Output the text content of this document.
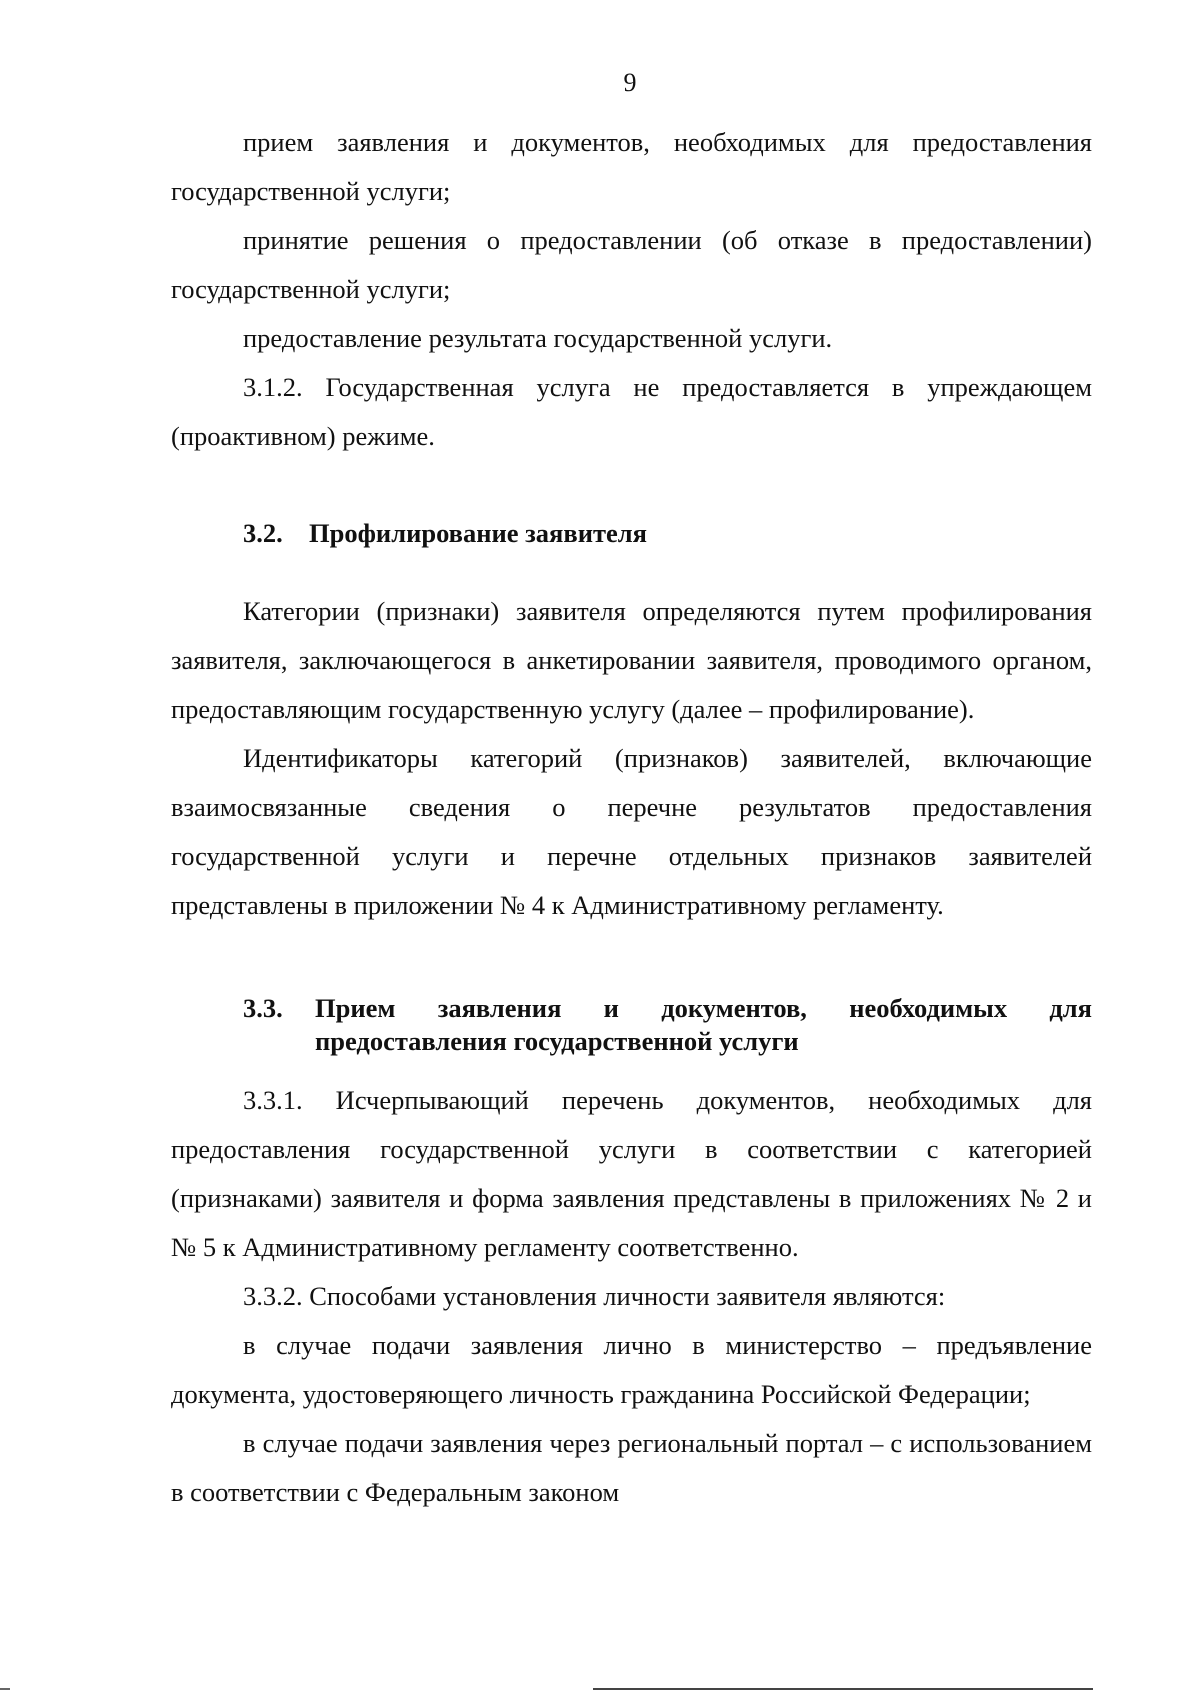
9

прием заявления и документов, необходимых для предоставления государственной услуги;

принятие решения о предоставлении (об отказе в предоставлении) государственной услуги;

предоставление результата государственной услуги.

3.1.2. Государственная услуга не предоставляется в упреждающем (проактивном) режиме.

3.2. Профилирование заявителя

Категории (признаки) заявителя определяются путем профилирования заявителя, заключающегося в анкетировании заявителя, проводимого органом, предоставляющим государственную услугу (далее – профилирование).

Идентификаторы категорий (признаков) заявителей, включающие взаимосвязанные сведения о перечне результатов предоставления государственной услуги и перечне отдельных признаков заявителей представлены в приложении № 4 к Административному регламенту.

3.3.	Прием заявления и документов, необходимых для предоставления государственной услуги

3.3.1. Исчерпывающий перечень документов, необходимых для предоставления государственной услуги в соответствии с категорией (признаками) заявителя и форма заявления представлены в приложениях № 2 и № 5 к Административному регламенту соответственно.

3.3.2. Способами установления личности заявителя являются:

в случае подачи заявления лично в министерство – предъявление документа, удостоверяющего личность гражданина Российской Федерации;

в случае подачи заявления через региональный портал – с использованием в соответствии с Федеральным законом
